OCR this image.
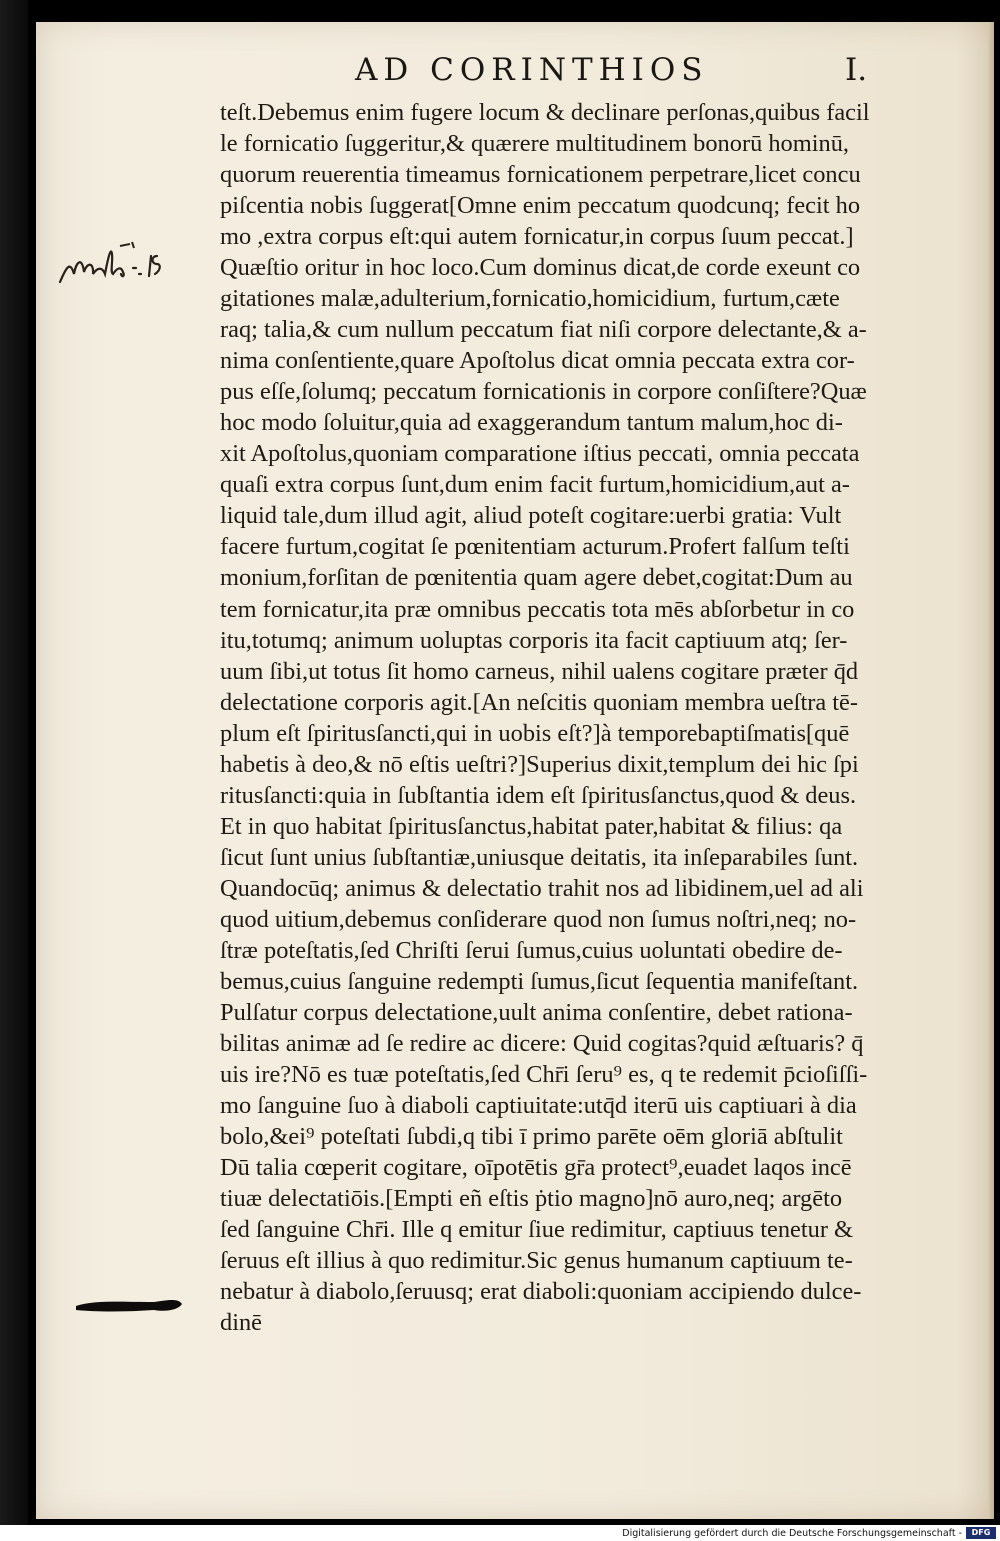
AD CORINTHIOS	I.
teſt.Debemus enim fugere locum & declinare perſonas,quibus facil
le fornicatio ſuggeritur,& quærere multitudinem bonorū hominū,
quorum reuerentia timeamus fornicationem perpetrare,licet concu
piſcentia nobis ſuggerat[Omne enim peccatum quodcunq; fecit ho
mo ,extra corpus eſt:qui autem fornicatur,in corpus ſuum peccat.]
Quæſtio oritur in hoc loco.Cum dominus dicat,de corde exeunt co
gitationes malæ,adulterium,fornicatio,homicidium, furtum,cæte
raq; talia,& cum nullum peccatum fiat niſi corpore delectante,& a-
nima conſentiente,quare Apoſtolus dicat omnia peccata extra cor-
pus eſſe,ſolumq; peccatum fornicationis in corpore conſiſtere?Quæ
hoc modo ſoluitur,quia ad exaggerandum tantum malum,hoc di-
xit Apoſtolus,quoniam comparatione iſtius peccati, omnia peccata
quaſi extra corpus ſunt,dum enim facit furtum,homicidium,aut a-
liquid tale,dum illud agit, aliud poteſt cogitare:uerbi gratia: Vult
facere furtum,cogitat ſe pœnitentiam acturum.Profert falſum teſti
monium,forſitan de pœnitentia quam agere debet,cogitat:Dum au
tem fornicatur,ita præ omnibus peccatis tota mēs abſorbetur in co
itu,totumq; animum uoluptas corporis ita facit captiuum atq; ſer-
uum ſibi,ut totus ſit homo carneus, nihil ualens cogitare præter q̄d
delectatione corporis agit.[An neſcitis quoniam membra ueſtra tē-
plum eſt ſpiritusſancti,qui in uobis eſt?]à temporebaptiſmatis[quē
habetis à deo,& nō eſtis ueſtri?]Superius dixit,templum dei hic ſpi
ritusſancti:quia in ſubſtantia idem eſt ſpiritusſanctus,quod & deus.
Et in quo habitat ſpiritusſanctus,habitat pater,habitat & filius: qa
ſicut ſunt unius ſubſtantiæ,uniusque deitatis, ita inſeparabiles ſunt.
Quandocūq; animus & delectatio trahit nos ad libidinem,uel ad ali
quod uitium,debemus conſiderare quod non ſumus noſtri,neq; no-
ſtræ poteſtatis,ſed Chriſti ſerui ſumus,cuius uoluntati obedire de-
bemus,cuius ſanguine redempti ſumus,ſicut ſequentia manifeſtant.
Pulſatur corpus delectatione,uult anima conſentire, debet rationa-
bilitas animæ ad ſe redire ac dicere: Quid cogitas?quid æſtuaris? q̄
uis ire?Nō es tuæ poteſtatis,ſed Chr̄i ſeru⁹ es, q te redemit p̄cioſiſſi-
mo ſanguine ſuo à diaboli captiuitate:utq̄d iterū uis captiuari à dia
bolo,&ei⁹ poteſtati ſubdi,q tibi ī primo parēte oēm gloriā abſtulit
Dū talia cœperit cogitare, oīpotētis gr̄a protect⁹,euadet laqos incē
tiuæ delectatiōis.[Empti eñ eſtis ṗtio magno]nō auro,neq; argēto
ſed ſanguine Chr̄i. Ille q emitur ſiue redimitur, captiuus tenetur &
ſeruus eſt illius à quo redimitur.Sic genus humanum captiuum te-
nebatur à diabolo,ſeruusq; erat diaboli:quoniam accipiendo dulce-
dinē
Digitalisierung gefördert durch die Deutsche Forschungsgemeinschaft -	DFG
